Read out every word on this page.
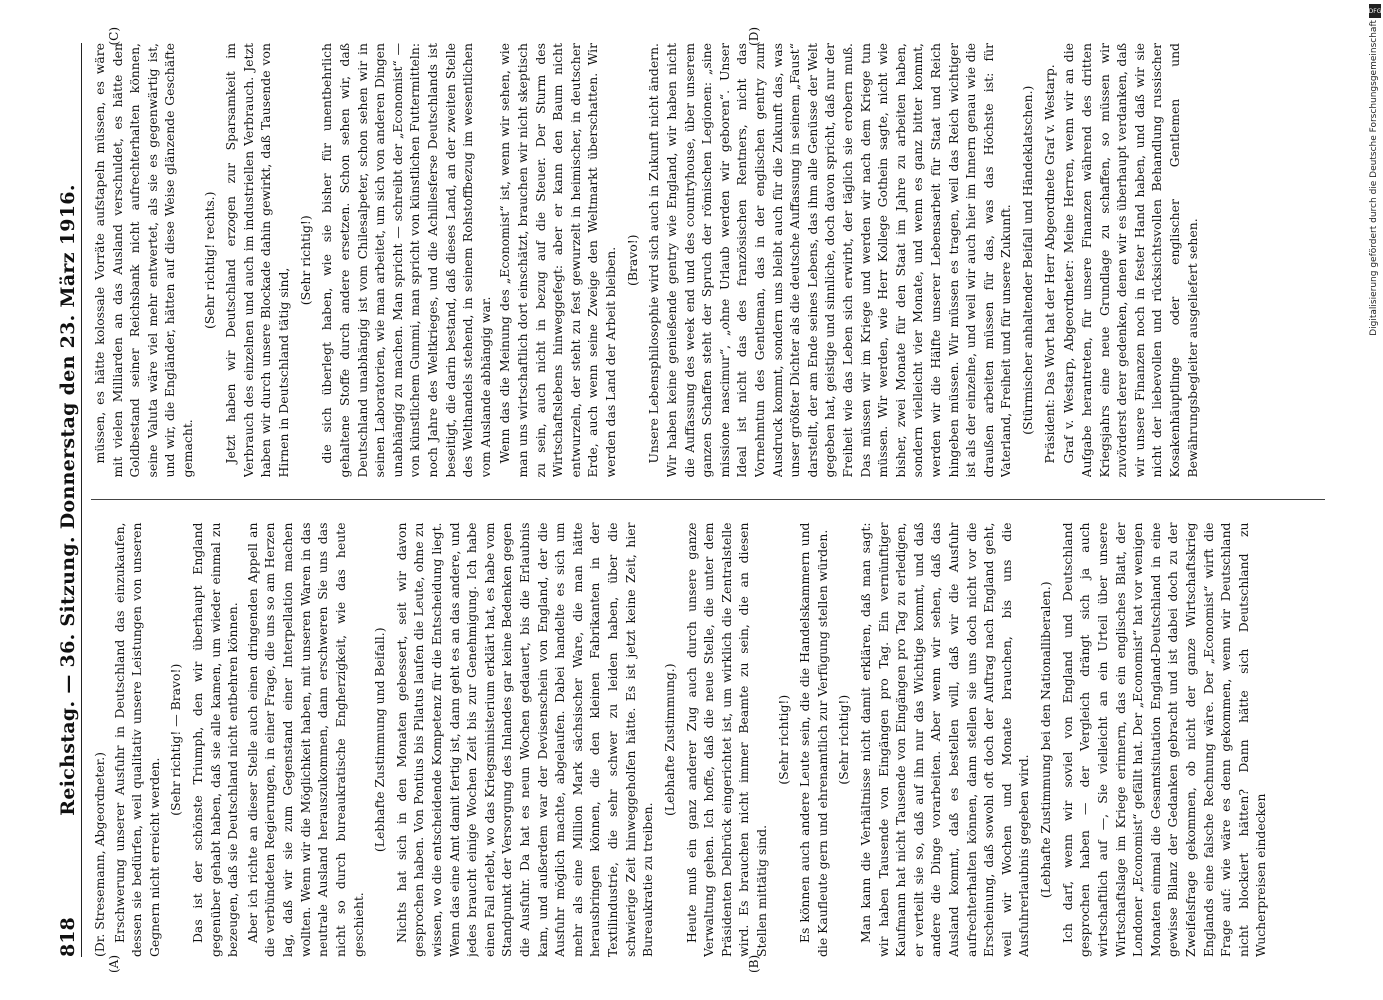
818
Reichstag. — 36. Sitzung. Donnerstag den 23. März 1916.

(Dr. Stresemann, Abgeordneter.) Erschwerung unserer Ausfuhr in Deutschland das einzukaufen, dessen sie bedürfen, weil qualitativ unsere Leistungen von unseren Gegnern nicht erreicht werden.

(Sehr richtig! — Bravo!) Das ist der schönste Triumph, den wir überhaupt England gegenüber gehabt haben, daß sie alle kamen, um wieder einmal zu bezeugen, daß sie Deutschland nicht entbehren können. Aber ich richte an dieser Stelle auch einen dringenden Appell an die verbündeten Regierungen, in einer Frage, die uns so am Herzen lag, daß wir sie zum Gegenstand einer Interpellation machen wollten. Wenn wir die Möglichkeit haben, mit unseren Waren in das neutrale Ausland herauszukommen, dann erschweren Sie uns das nicht so durch bureaukratische Engherzigkeit, wie das heute geschieht.

(Lebhafte Zustimmung und Beifall.) Nichts hat sich in den Monaten gebessert, seit wir davon gesprochen haben. Von Pontius bis Pilatus laufen die Leute, ohne zu wissen, wo die entscheidende Kompetenz für die Entscheidung liegt. Wenn das eine Amt damit fertig ist, dann geht es an das andere, und jedes braucht einige Wochen Zeit bis zur Genehmigung. Ich habe einen Fall erlebt, wo das Kriegsministerium erklärt hat, es habe vom Standpunkt der Versorgung des Inlandes gar keine Bedenken gegen die Ausfuhr. Da hat es neun Wochen gedauert, bis die Erlaubnis kam, und außerdem war der Devisenschein von England, der die Ausfuhr möglich machte, abgelaufen. Dabei handelte es sich um mehr als eine Million Mark sächsischer Ware, die man hätte herausbringen können, die den kleinen Fabrikanten in der Textilindustrie, die sehr schwer zu leiden haben, über die schwierige Zeit hinweggeholfen hätte. Es ist jetzt keine Zeit, hier Bureaukratie zu treiben.

(Lebhafte Zustimmung.) Heute muß ein ganz anderer Zug auch durch unsere ganze Verwaltung gehen. Ich hoffe, daß die neue Stelle, die unter dem Präsidenten Delbrück eingerichtet ist, um wirklich die Zentralstelle wird. Es brauchen nicht immer Beamte zu sein, die an diesen Stellen mittätig sind.

(Sehr richtig!) Es können auch andere Leute sein, die die Handelskammern und die Kaufleute gern und ehrenamtlich zur Verfügung stellen würden. (Sehr richtig!) Man kann die Verhältnisse nicht damit erklären, daß man sagt: wir haben Tausende von Eingängen pro Tag. Ein vernünftiger Kaufmann hat nicht Tausende von Eingängen pro Tag zu erledigen, er verteilt sie so, daß auf ihn nur das Wichtige kommt, und daß andere die Dinge vorarbeiten. Aber wenn wir sehen, daß das Ausland kommt, daß es bestellen will, daß wir die Ausfuhr aufrechterhalten können, dann stellen sie uns doch nicht vor die Erscheinung, daß sowohl oft doch der Auftrag nach England geht, weil wir Wochen und Monate brauchen, bis uns die Ausfuhrerlaubnis gegeben wird. (Lebhafte Zustimmung bei den Nationalliberalen.) Ich darf, wenn wir soviel von England und Deutschland gesprochen haben — der Vergleich drängt sich ja auch wirtschaftlich auf —, Sie vielleicht an ein Urteil über unsere Wirtschaftslage im Kriege erinnern, das ein englisches Blatt, der Londoner „Economist“ gefällt hat. Der „Economist“ hat vor wenigen Monaten einmal die Gesamtsituation England-Deutschland in eine gewisse Bilanz der Gedanken gebracht und ist dabei doch zu der Zweifelsfrage gekommen, ob nicht der ganze Wirtschaftskrieg Englands eine falsche Rechnung wäre. Der „Economist“ wirft die Frage auf: wie wäre es denn gekommen, wenn wir Deutschland nicht blockiert hätten? Dann hätte sich Deutschland zu Wucherpreisen eindecken

müssen, es hätte kolossale Vorräte aufstapeln müssen, es wäre mit vielen Milliarden an das Ausland verschuldet, es hätte den Goldbestand seiner Reichsbank nicht aufrechterhalten können, seine Valuta wäre viel mehr entwertet, als sie es gegenwärtig ist, und wir, die Engländer, hätten auf diese Weise glänzende Geschäfte gemacht.

(Sehr richtig! rechts.) Jetzt haben wir Deutschland erzogen zur Sparsamkeit im Verbrauch des einzelnen und auch im industriellen Verbrauch. Jetzt haben wir durch unsere Blockade dahin gewirkt, daß Tausende von Hirnen in Deutschland tätig sind,

(Sehr richtig!) die sich überlegt haben, wie sie bisher für unentbehrlich gehaltene Stoffe durch andere ersetzen. Schon sehen wir, daß Deutschland unabhängig ist vom Chilesalpeter, schon sehen wir in seinen Laboratorien, wie man arbeitet, um sich von anderen Dingen unabhängig zu machen. Man spricht — schreibt der „Economist“ — von künstlichem Gummi, man spricht von künstlichen Futtermitteln: noch Jahre des Weltkrieges, und die Achillesferse Deutschlands ist beseitigt, die darin bestand, daß dieses Land, an der zweiten Stelle des Welthandels stehend, in seinem Rohstoffbezug im wesentlichen vom Auslande abhängig war. Wenn das die Meinung des „Economist“ ist, wenn wir sehen, wie man uns wirtschaftlich dort einschätzt, brauchen wir nicht skeptisch zu sein, auch nicht in bezug auf die Steuer. Der Sturm des Wirtschaftslebens hinweggefegt: aber er kann den Baum nicht entwurzeln, der steht zu fest gewurzelt in heimischer, in deutscher Erde, auch wenn seine Zweige den Weltmarkt überschatten. Wir werden das Land der Arbeit bleiben. (Bravo!) Unsere Lebensphilosophie wird sich auch in Zukunft nicht ändern. Wir haben keine genießende gentry wie England, wir haben nicht die Auffassung des week end und des countryhouse, über unserem ganzen Schaffen steht der Spruch der römischen Legionen: „sine missione nascimur“, „ohne Urlaub werden wir geboren“. Unser Ideal ist nicht das des französischen Rentners, nicht das Vornehmtun des Gentleman, das in der englischen gentry zum Ausdruck kommt, sondern uns bleibt auch für die Zukunft das, was unser größter Dichter als die deutsche Auffassung in seinem „Faust“ darstellt, der am Ende seines Lebens, das ihm alle Genüsse der Welt gegeben hat, geistige und sinnliche, doch davon spricht, daß nur der Freiheit wie das Leben sich erwirbt, der täglich sie erobern muß. Das müssen wir im Kriege und werden wir nach dem Kriege tun müssen. Wir werden, wie Herr Kollege Gothein sagte, nicht wie bisher, zwei Monate für den Staat im Jahre zu arbeiten haben, sondern vielleicht vier Monate, und wenn es ganz bitter kommt, werden wir die Hälfte unserer Lebensarbeit für Staat und Reich hingeben müssen. Wir müssen es tragen, weil das Reich wichtiger ist als der einzelne, und weil wir auch hier im Innern genau wie die draußen arbeiten müssen für das, was das Höchste ist: für Vaterland, Freiheit und für unsere Zukunft. (Stürmischer anhaltender Beifall und Händeklatschen.) Präsident: Das Wort hat der Herr Abgeordnete Graf v. Westarp. Graf v. Westarp, Abgeordneter: Meine Herren, wenn wir an die Aufgabe herantreten, für unsere Finanzen während des dritten Kriegsjahrs eine neue Grundlage zu schaffen, so müssen wir zuvörderst derer gedenken, denen wir es überhaupt verdanken, daß wir unsere Finanzen noch in fester Hand haben, und daß wir sie nicht der liebevollen und rücksichtsvollen Behandlung russischer Kosakenhäuptlinge oder englischer Gentlemen und Bewährungsbegleiter ausgeliefert sehen.

(A)	(B)
(C)	(D)
DFG
Digitalisierung gefördert durch die Deutsche Forschungsgemeinschaft
